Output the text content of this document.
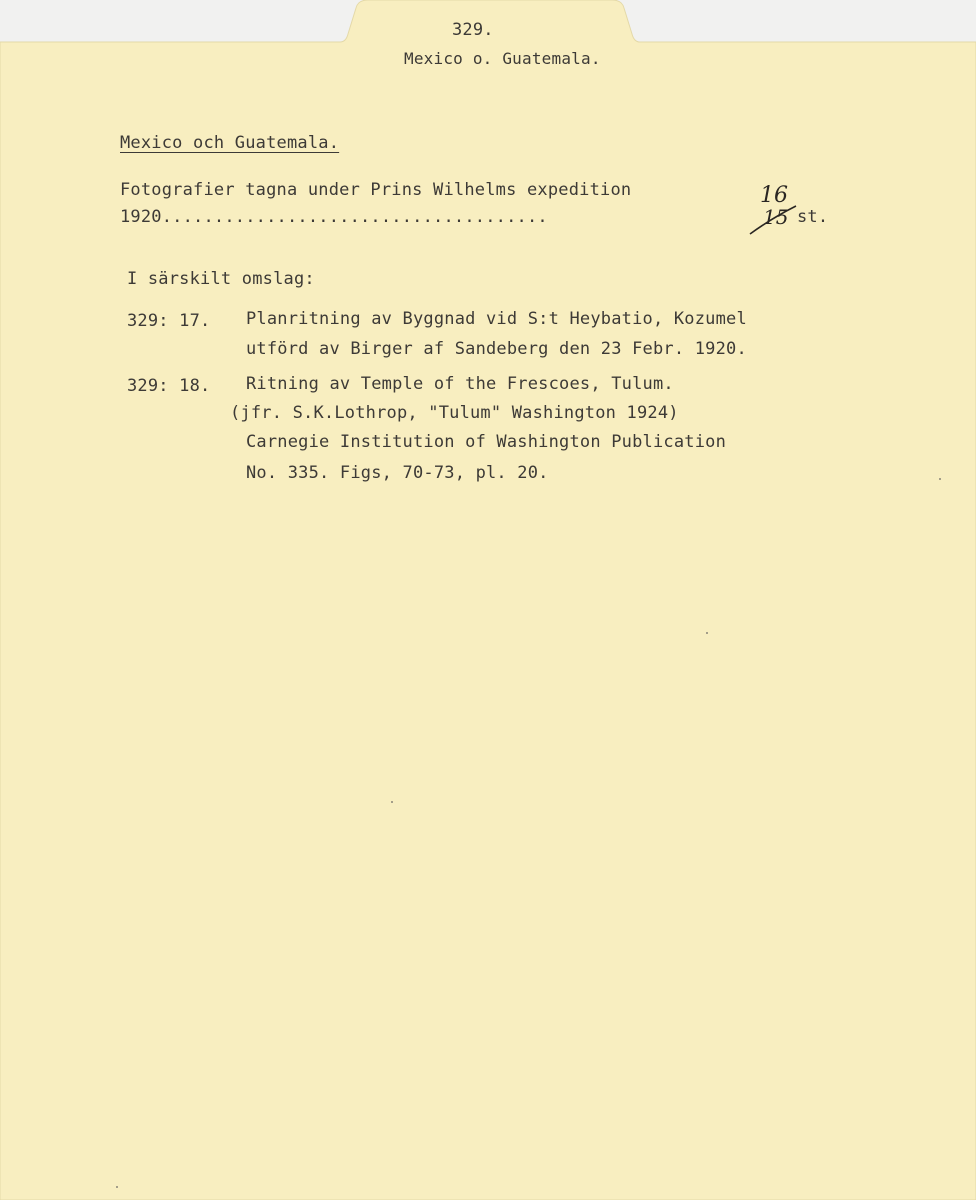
329.
Mexico o. Guatemala.
Mexico och Guatemala.
Fotografier tagna under Prins Wilhelms expedition
1920.....................................
16
15 st.
I särskilt omslag:
329: 17. Planritning av Byggnad vid S:t Heybatio, Kozumel
utförd av Birger af Sandeberg den 23 Febr. 1920.
329: 18. Ritning av Temple of the Frescoes, Tulum.
(jfr. S.K.Lothrop, "Tulum" Washington 1924)
Carnegie Institution of Washington Publication
No. 335. Figs, 70-73, pl. 20.
